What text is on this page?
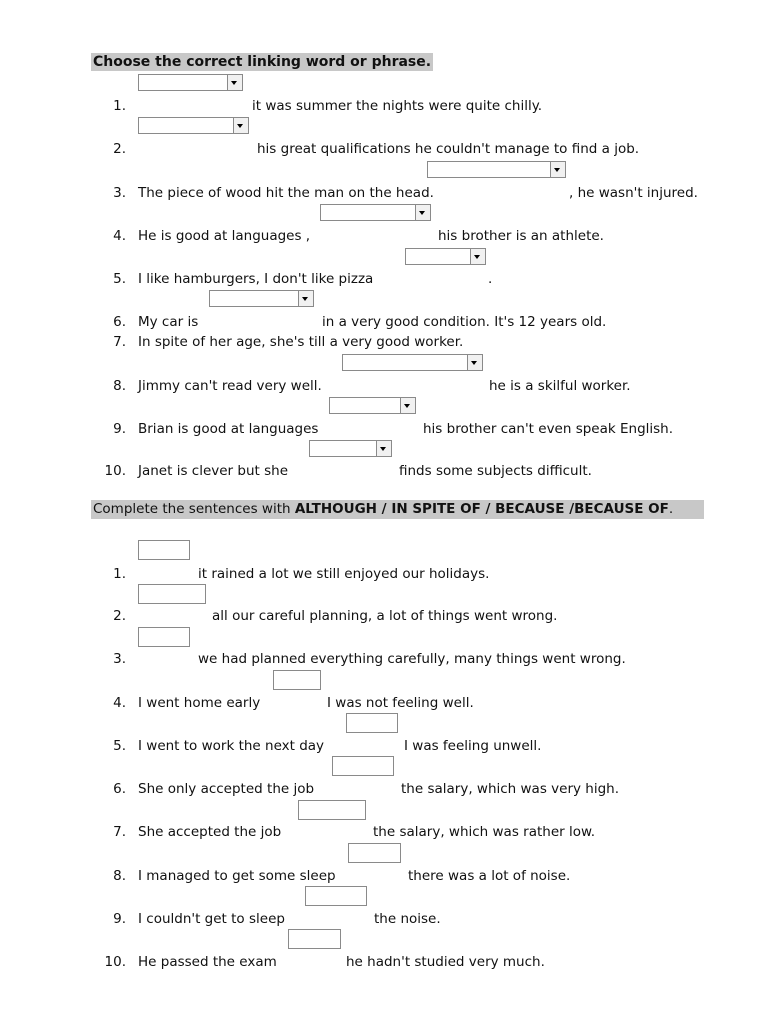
Choose the correct linking word or phrase.
1.	it was summer the nights were quite chilly.
2.	his great qualifications he couldn't manage to find a job.
3. The piece of wood hit the man on the head.	, he wasn't injured.
4. He is good at languages ,	his brother is an athlete.
5. I like hamburgers, I don't like pizza	.
6. My car is	in a very good condition. It's 12 years old.
7. In spite of her age, she's till a very good worker.
8. Jimmy can't read very well.	he is a skilful worker.
9. Brian is good at languages	his brother can't even speak English.
10. Janet is clever but she	finds some subjects difficult.
Complete the sentences with ALTHOUGH / IN SPITE OF / BECAUSE /BECAUSE OF.
1.	it rained a lot we still enjoyed our holidays.
2.	all our careful planning, a lot of things went wrong.
3.	we had planned everything carefully, many things went wrong.
4. I went home early	I was not feeling well.
5. I went to work the next day	I was feeling unwell.
6. She only accepted the job	the salary, which was very high.
7. She accepted the job	the salary, which was rather low.
8. I managed to get some sleep	there was a lot of noise.
9. I couldn't get to sleep	the noise.
10. He passed the exam	he hadn't studied very much.
